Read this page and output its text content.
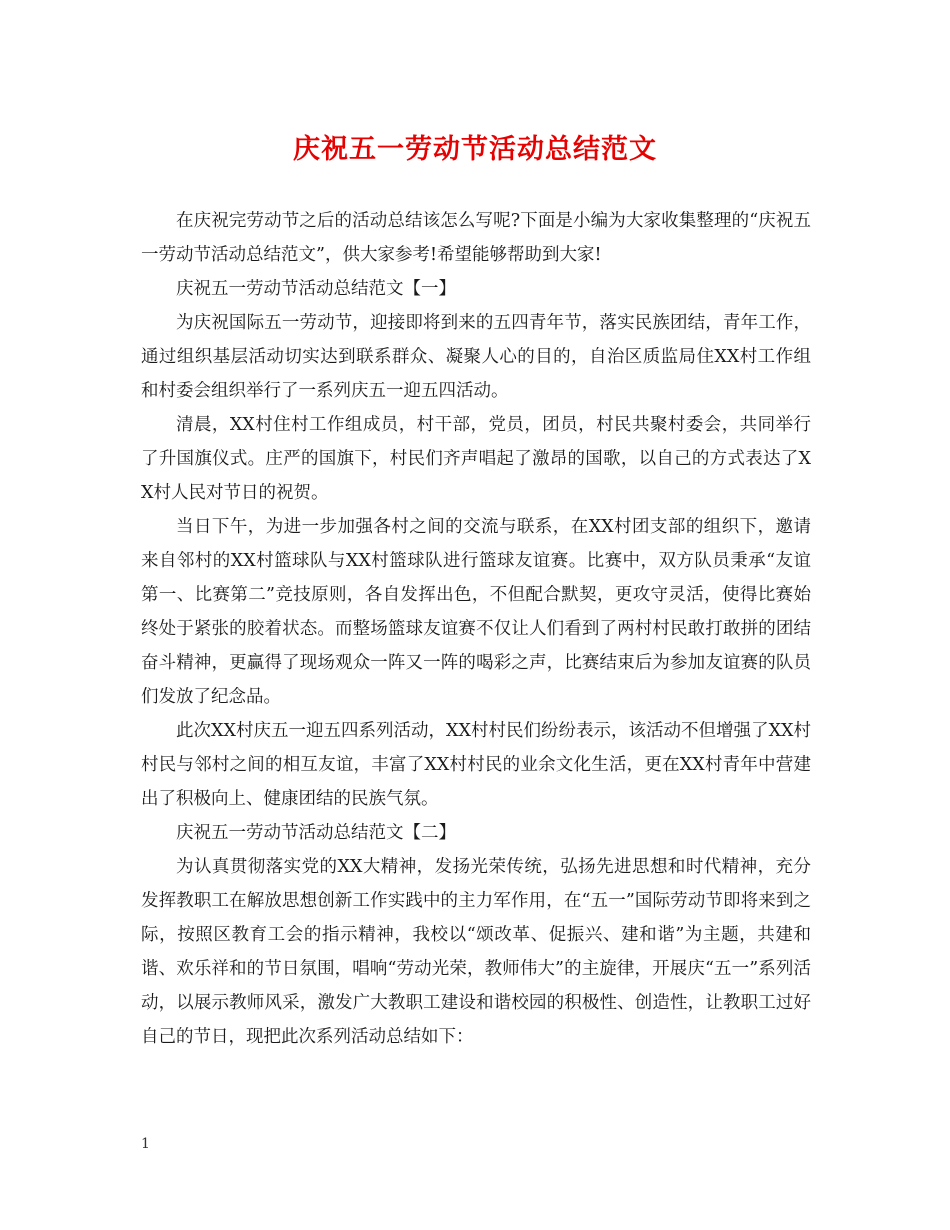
庆祝五一劳动节活动总结范文

在庆祝完劳动节之后的活动总结该怎么写呢?下面是小编为大家收集整理的“庆祝五一劳动节活动总结范文”，供大家参考!希望能够帮助到大家!

庆祝五一劳动节活动总结范文【一】

为庆祝国际五一劳动节，迎接即将到来的五四青年节，落实民族团结，青年工作，通过组织基层活动切实达到联系群众、凝聚人心的目的，自治区质监局住XX村工作组和村委会组织举行了一系列庆五一迎五四活动。

清晨，XX村住村工作组成员，村干部，党员，团员，村民共聚村委会，共同举行了升国旗仪式。庄严的国旗下，村民们齐声唱起了激昂的国歌，以自己的方式表达了XX村人民对节日的祝贺。

当日下午，为进一步加强各村之间的交流与联系，在XX村团支部的组织下，邀请来自邻村的XX村篮球队与XX村篮球队进行篮球友谊赛。比赛中，双方队员秉承“友谊第一、比赛第二”竞技原则，各自发挥出色，不但配合默契，更攻守灵活，使得比赛始终处于紧张的胶着状态。而整场篮球友谊赛不仅让人们看到了两村村民敢打敢拼的团结奋斗精神，更赢得了现场观众一阵又一阵的喝彩之声，比赛结束后为参加友谊赛的队员们发放了纪念品。

此次XX村庆五一迎五四系列活动，XX村村民们纷纷表示，该活动不但增强了XX村村民与邻村之间的相互友谊，丰富了XX村村民的业余文化生活，更在XX村青年中营建出了积极向上、健康团结的民族气氛。

庆祝五一劳动节活动总结范文【二】

为认真贯彻落实党的XX大精神，发扬光荣传统，弘扬先进思想和时代精神，充分发挥教职工在解放思想创新工作实践中的主力军作用，在“五一”国际劳动节即将来到之际，按照区教育工会的指示精神，我校以“颂改革、促振兴、建和谐”为主题，共建和谐、欢乐祥和的节日氛围，唱响“劳动光荣，教师伟大”的主旋律，开展庆“五一”系列活动，以展示教师风采，激发广大教职工建设和谐校园的积极性、创造性，让教职工过好自己的节日，现把此次系列活动总结如下：

1
